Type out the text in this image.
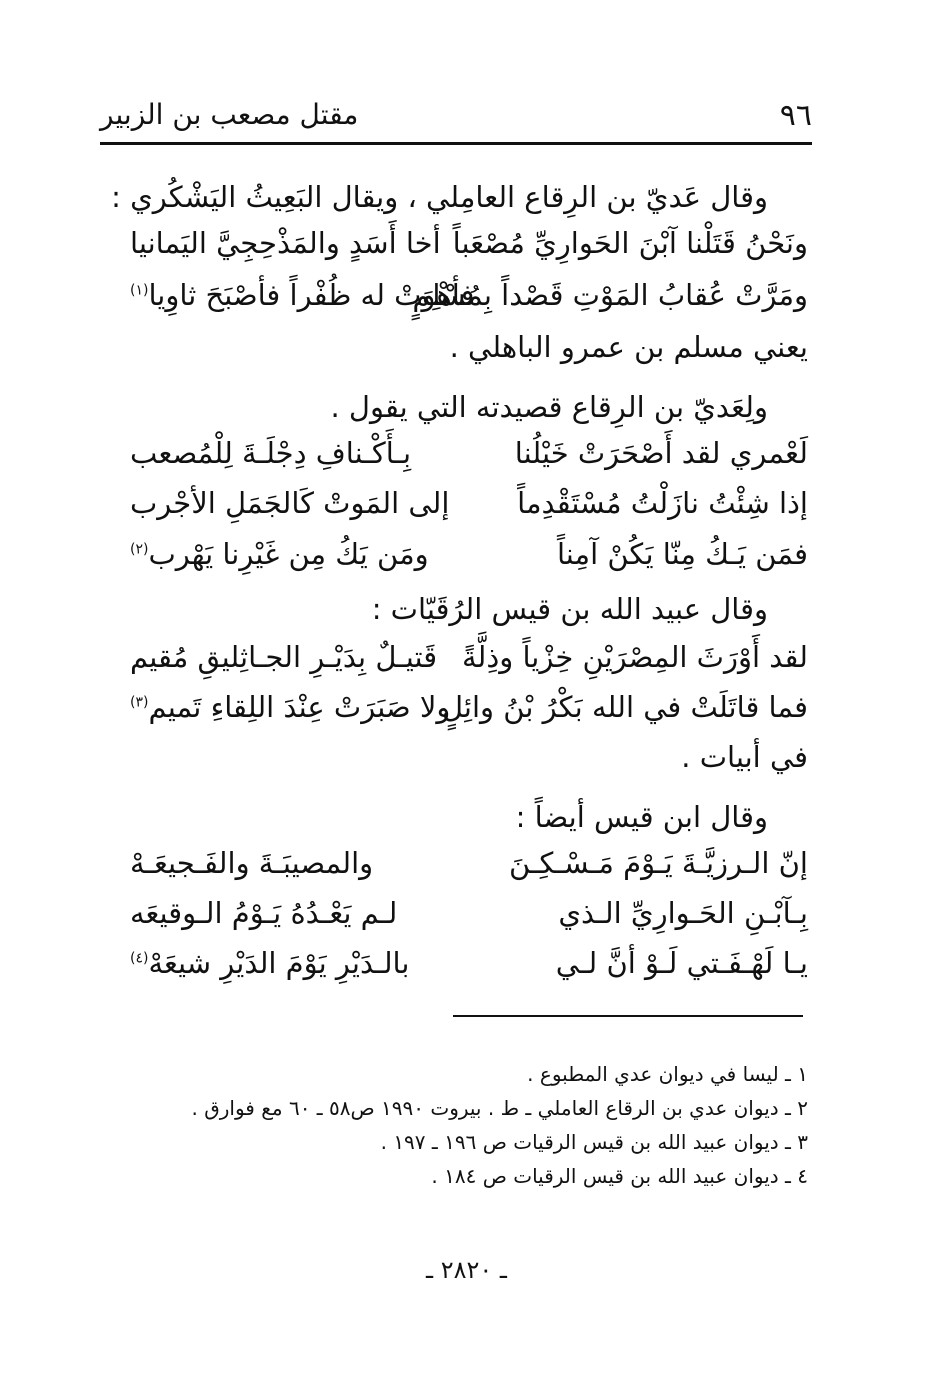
٩٦
مقتل مصعب بن الزبير
وقال عَديّ بن الرِقاع العامِلي ، ويقال البَعِيثُ اليَشْكُري :
ونَحْنُ قَتَلْنا آبْنَ الحَوارِيِّ مُصْعَباً
أخا أَسَدٍ والمَذْحِجِيَّ اليَمانيا
ومَرَّتْ عُقابُ المَوْتِ قَصْداً بِمُسْلِمٍ
فأهْوَتْ له ظُفْراً فأصْبَحَ ثاوِيا$^{(١)}$
يعني مسلم بن عمرو الباهلي .
ولِعَديّ بن الرِقاع قصيدته التي يقول .
لَعْمري لقد أَصْحَرَتْ خَيْلُنا
بِـأَكْـنافِ دِجْلَـةَ لِلْمُصعب
إذا شِئْتُ نازَلْتُ مُسْتَقْدِماً
إلى المَوتْ كَالجَمَلِ الأجْرب
فمَن يَـكُ مِنّا يَكُنْ آمِناً
ومَن يَكُ مِن غَيْرِنا يَهْرب$^{(٢)}$
وقال عبيد الله بن قيس الرُقَيّات :
لقد أَوْرَثَ المِصْرَيْنِ خِزْياً وذِلَّةً
قَتيـلٌ بِدَيْـرِ الجـاثِليقِ مُقيم
فما قاتَلَتْ في الله بَكْرُ بْنُ وائِلٍ
ولا صَبَرَتْ عِنْدَ اللِقاءِ تَميم$^{(٣)}$
في أبيات .
وقال ابن قيس أيضاً :
إنّ الـرزيَّـةَ يَـوْمَ مَـسْـكِـنَ
والمصيبَـةَ والفَـجيعَـهْ
بِـآبْـنِ الحَـوارِيِّ الـذي
لـم يَعْـدُهُ يَـوْمُ الـوقيعَه
يـا لَهْـفَـتي لَـوْ أنَّ لـي
بالـدَيْرِ يَوْمَ الدَيْرِ شيعَهْ$^{(٤)}$
١ ـ ليسا في ديوان عدي المطبوع .
٢ ـ ديوان عدي بن الرقاع العاملي ـ ط . بيروت ١٩٩٠ ص٥٨ ـ ٦٠ مع فوارق .
٣ ـ ديوان عبيد الله بن قيس الرقيات ص ١٩٦ ـ ١٩٧ .
٤ ـ ديوان عبيد الله بن قيس الرقيات ص ١٨٤ .
ـ ٢٨٢٠ ـ
